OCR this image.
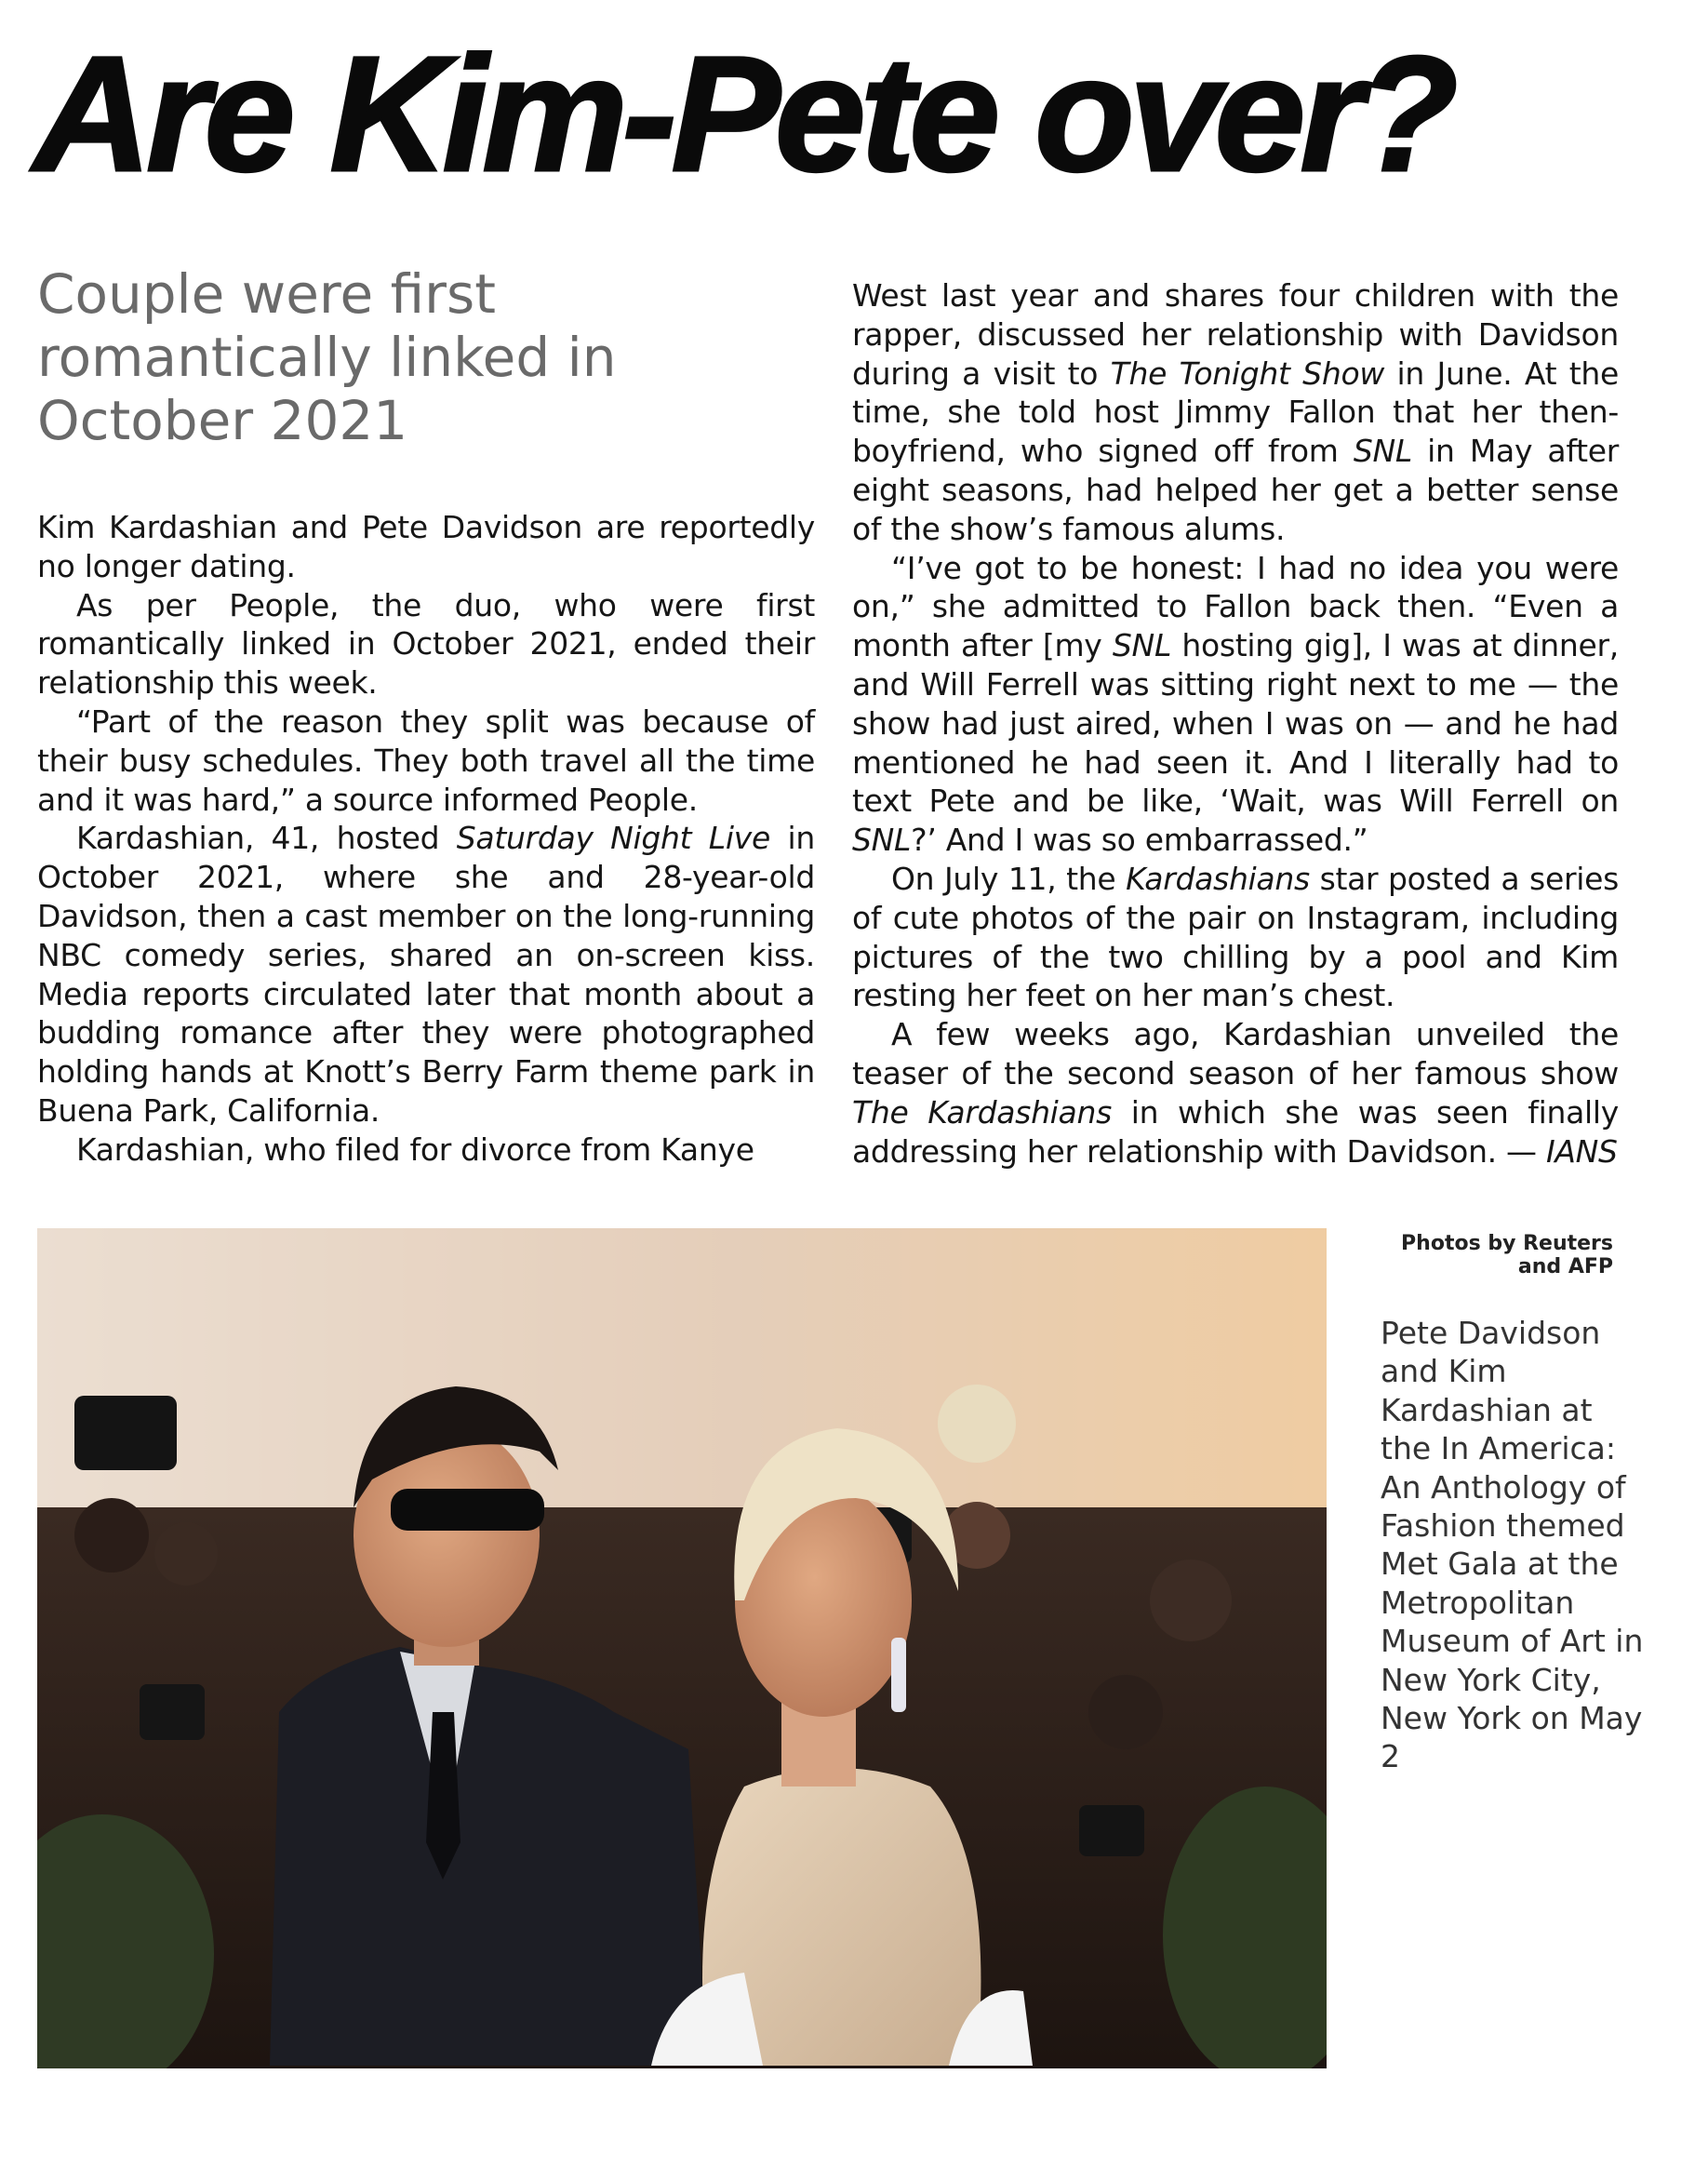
Are Kim-Pete over?
Couple were first romantically linked in October 2021

Kim Kardashian and Pete Davidson are reportedly no longer dating.

As per People, the duo, who were first romantically linked in October 2021, ended their relationship this week.

“Part of the reason they split was because of their busy schedules. They both travel all the time and it was hard,” a source informed People.

Kardashian, 41, hosted Saturday Night Live in October 2021, where she and 28-year-old Davidson, then a cast member on the long-running NBC comedy series, shared an on-screen kiss. Media reports circulated later that month about a budding romance after they were photographed holding hands at Knott’s Berry Farm theme park in Buena Park, California.

Kardashian, who filed for divorce from Kanye

West last year and shares four children with the rapper, discussed her relationship with Davidson during a visit to The Tonight Show in June. At the time, she told host Jimmy Fallon that her then-boyfriend, who signed off from SNL in May after eight seasons, had helped her get a better sense of the show’s famous alums.

“I’ve got to be honest: I had no idea you were on,” she admitted to Fallon back then. “Even a month after [my SNL hosting gig], I was at dinner, and Will Ferrell was sitting right next to me — the show had just aired, when I was on — and he had mentioned he had seen it. And I literally had to text Pete and be like, ‘Wait, was Will Ferrell on SNL?’ And I was so embarrassed.”

On July 11, the Kardashians star posted a series of cute photos of the pair on Instagram, including pictures of the two chilling by a pool and Kim resting her feet on her man’s chest.

A few weeks ago, Kardashian unveiled the teaser of the second season of her famous show The Kardashians in which she was seen finally addressing her relationship with Davidson. — IANS

Photos by Reuters
and AFP
Pete Davidson and Kim Kardashian at the In America: An Anthology of Fashion themed Met Gala at the Metropolitan Museum of Art in New York City, New York on May 2
